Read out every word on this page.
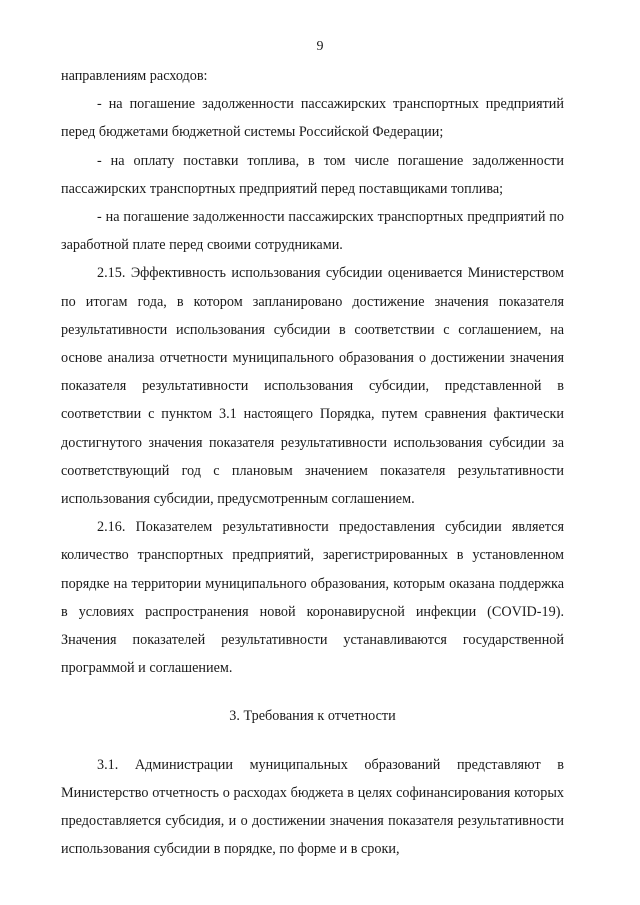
9

направлениям расходов:

- на погашение задолженности пассажирских транспортных предприятий перед бюджетами бюджетной системы Российской Федерации;

- на оплату поставки топлива, в том числе погашение задолженности пассажирских транспортных предприятий перед поставщиками топлива;

- на погашение задолженности пассажирских транспортных предприятий по заработной плате перед своими сотрудниками.

2.15. Эффективность использования субсидии оценивается Министерством по итогам года, в котором запланировано достижение значения показателя результативности использования субсидии в соответствии с соглашением, на основе анализа отчетности муниципального образования о достижении значения показателя результативности использования субсидии, представленной в соответствии с пунктом 3.1 настоящего Порядка, путем сравнения фактически достигнутого значения показателя результативности использования субсидии за соответствующий год с плановым значением показателя результативности использования субсидии, предусмотренным соглашением.

2.16. Показателем результативности предоставления субсидии является количество транспортных предприятий, зарегистрированных в установленном порядке на территории муниципального образования, которым оказана поддержка в условиях распространения новой коронавирусной инфекции (COVID-19). Значения показателей результативности устанавливаются государственной программой и соглашением.

3. Требования к отчетности

3.1. Администрации муниципальных образований представляют в Министерство отчетность о расходах бюджета в целях софинансирования которых предоставляется субсидия, и о достижении значения показателя результативности использования субсидии в порядке, по форме и в сроки,
